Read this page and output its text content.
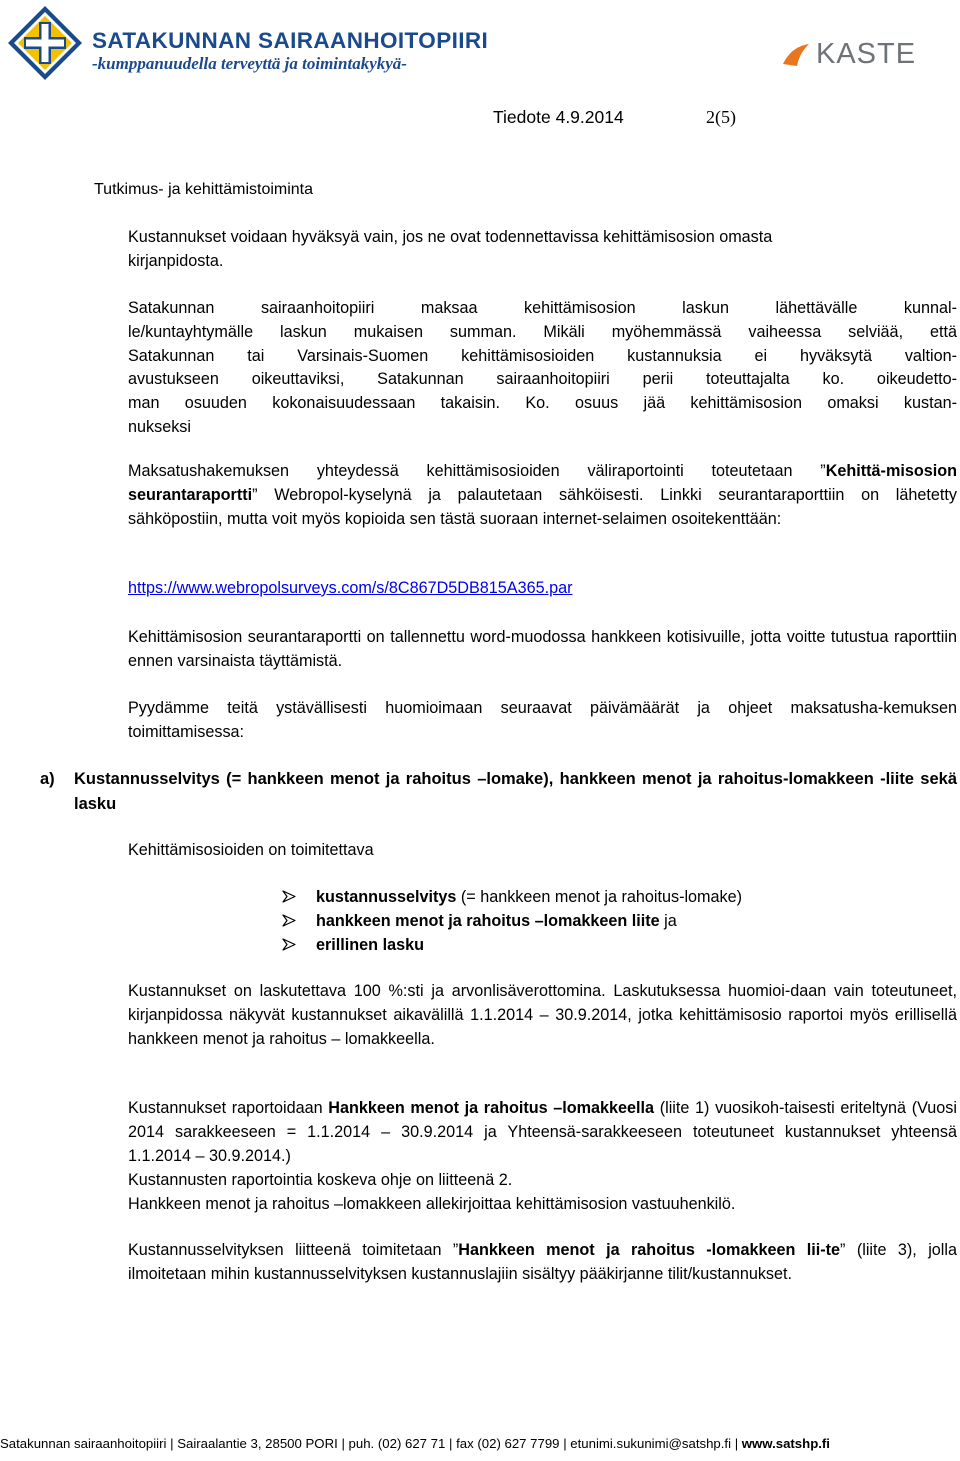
SATAKUNNAN SAIRAANHOITOPIIRI
-kumppanuudella terveyttä ja toimintakykyä-	KASTE
Tiedote 4.9.2014	2(5)
Tutkimus- ja kehittämistoiminta
Kustannukset voidaan hyväksyä vain, jos ne ovat todennettavissa kehittämisosion omasta
kirjanpidosta.
Satakunnan sairaanhoitopiiri maksaa kehittämisosion laskun lähettävälle kunnal-
le/kuntayhtymälle laskun mukaisen summan. Mikäli myöhemmässä vaiheessa selviää, että
Satakunnan tai Varsinais-Suomen kehittämisosioiden kustannuksia ei hyväksytä valtion-
avustukseen oikeuttaviksi, Satakunnan sairaanhoitopiiri perii toteuttajalta ko. oikeudetto-
man osuuden kokonaisuudessaan takaisin. Ko. osuus jää kehittämisosion omaksi kustan-
nukseksi
Maksatushakemuksen yhteydessä kehittämisosioiden väliraportointi toteutetaan ”Kehittä-misosion seurantaraportti” Webropol-kyselynä ja palautetaan sähköisesti. Linkki seurantaraporttiin on lähetetty sähköpostiin, mutta voit myös kopioida sen tästä suoraan internet-selaimen osoitekenttään:
https://www.webropolsurveys.com/s/8C867D5DB815A365.par
Kehittämisosion seurantaraportti on tallennettu word-muodossa hankkeen kotisivuille, jotta voitte tutustua raporttiin ennen varsinaista täyttämistä.
Pyydämme teitä ystävällisesti huomioimaan seuraavat päivämäärät ja ohjeet maksatusha-kemuksen toimittamisessa:
a) Kustannusselvitys (= hankkeen menot ja rahoitus –lomake), hankkeen menot ja rahoitus-lomakkeen -liite sekä lasku
Kehittämisosioiden on toimitettava
kustannusselvitys (= hankkeen menot ja rahoitus-lomake)
hankkeen menot ja rahoitus –lomakkeen liite ja
erillinen lasku
Kustannukset on laskutettava 100 %:sti ja arvonlisäverottomina. Laskutuksessa huomioi-daan vain toteutuneet, kirjanpidossa näkyvät kustannukset aikavälillä 1.1.2014 – 30.9.2014, jotka kehittämisosio raportoi myös erillisellä hankkeen menot ja rahoitus – lomakkeella.
Kustannukset raportoidaan Hankkeen menot ja rahoitus –lomakkeella (liite 1) vuosikoh-taisesti eriteltynä (Vuosi 2014 sarakkeeseen = 1.1.2014 – 30.9.2014 ja Yhteensä-sarakkeeseen toteutuneet kustannukset yhteensä 1.1.2014 – 30.9.2014.)
Kustannusten raportointia koskeva ohje on liitteenä 2.
Hankkeen menot ja rahoitus –lomakkeen allekirjoittaa kehittämisosion vastuuhenkilö.
Kustannusselvityksen liitteenä toimitetaan ”Hankkeen menot ja rahoitus -lomakkeen lii-te” (liite 3), jolla ilmoitetaan mihin kustannusselvityksen kustannuslajiin sisältyy pääkirjanne tilit/kustannukset.
Satakunnan sairaanhoitopiiri | Sairaalantie 3, 28500 PORI | puh. (02) 627 71 | fax (02) 627 7799 | etunimi.sukunimi@satshp.fi | www.satshp.fi
